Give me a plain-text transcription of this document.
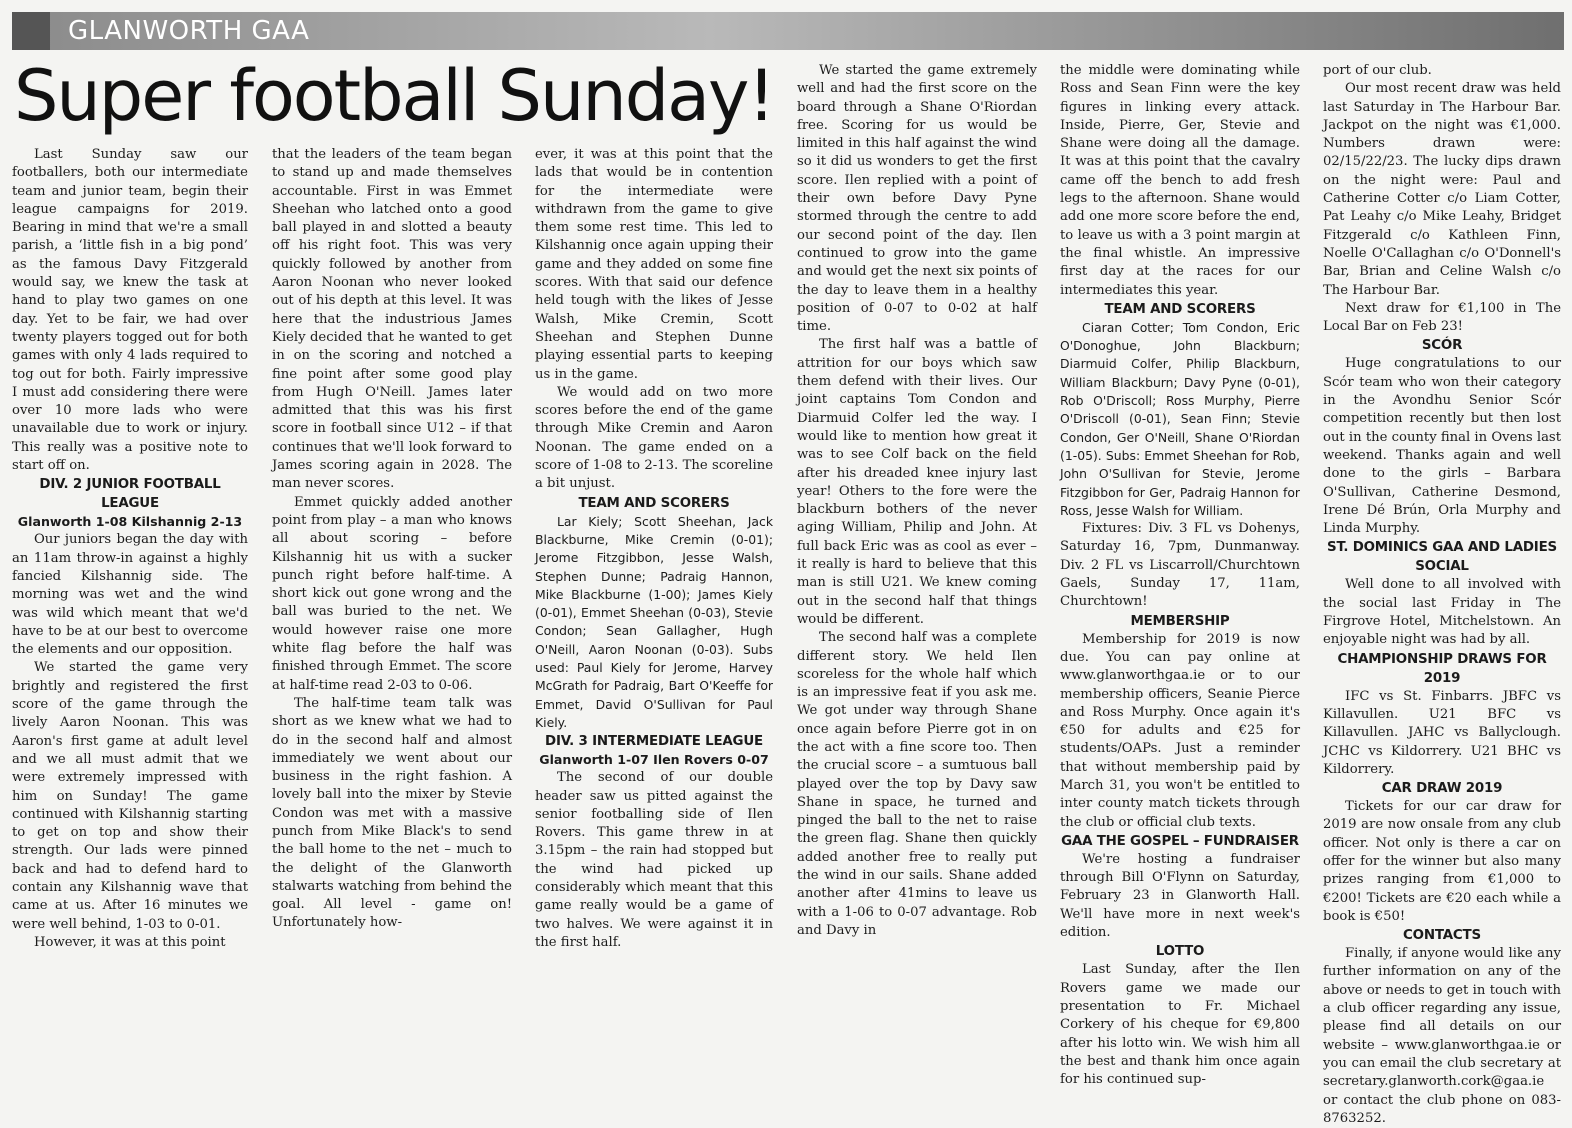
GLANWORTH GAA
Super football Sunday!

Last Sunday saw our footballers, both our intermediate team and junior team, begin their league campaigns for 2019. Bearing in mind that we're a small parish, a ‘little fish in a big pond’ as the famous Davy Fitzgerald would say, we knew the task at hand to play two games on one day. Yet to be fair, we had over twenty players togged out for both games with only 4 lads required to tog out for both. Fairly impressive I must add considering there were over 10 more lads who were unavailable due to work or injury. This really was a positive note to start off on.

DIV. 2 JUNIOR FOOTBALL LEAGUE
Glanworth 1-08 Kilshannig 2-13

Our juniors began the day with an 11am throw-in against a highly fancied Kilshannig side. The morning was wet and the wind was wild which meant that we'd have to be at our best to overcome the elements and our opposition.

We started the game very brightly and registered the first score of the game through the lively Aaron Noonan. This was Aaron's first game at adult level and we all must admit that we were extremely impressed with him on Sunday! The game continued with Kilshannig starting to get on top and show their strength. Our lads were pinned back and had to defend hard to contain any Kilshannig wave that came at us. After 16 minutes we were well behind, 1-03 to 0-01.

However, it was at this point

that the leaders of the team began to stand up and made themselves accountable. First in was Emmet Sheehan who latched onto a good ball played in and slotted a beauty off his right foot. This was very quickly followed by another from Aaron Noonan who never looked out of his depth at this level. It was here that the industrious James Kiely decided that he wanted to get in on the scoring and notched a fine point after some good play from Hugh O'Neill. James later admitted that this was his first score in football since U12 – if that continues that we'll look forward to James scoring again in 2028. The man never scores.

Emmet quickly added another point from play – a man who knows all about scoring – before Kilshannig hit us with a sucker punch right before half-time. A short kick out gone wrong and the ball was buried to the net. We would however raise one more white flag before the half was finished through Emmet. The score at half-time read 2-03 to 0-06.

The half-time team talk was short as we knew what we had to do in the second half and almost immediately we went about our business in the right fashion. A lovely ball into the mixer by Stevie Condon was met with a massive punch from Mike Black's to send the ball home to the net – much to the delight of the Glanworth stalwarts watching from behind the goal. All level - game on! Unfortunately how-

ever, it was at this point that the lads that would be in contention for the intermediate were withdrawn from the game to give them some rest time. This led to Kilshannig once again upping their game and they added on some fine scores. With that said our defence held tough with the likes of Jesse Walsh, Mike Cremin, Scott Sheehan and Stephen Dunne playing essential parts to keeping us in the game.

We would add on two more scores before the end of the game through Mike Cremin and Aaron Noonan. The game ended on a score of 1-08 to 2-13. The scoreline a bit unjust.

TEAM AND SCORERS

Lar Kiely; Scott Sheehan, Jack Blackburne, Mike Cremin (0-01); Jerome Fitzgibbon, Jesse Walsh, Stephen Dunne; Padraig Hannon, Mike Blackburne (1-00); James Kiely (0-01), Emmet Sheehan (0-03), Stevie Condon; Sean Gallagher, Hugh O'Neill, Aaron Noonan (0-03). Subs used: Paul Kiely for Jerome, Harvey McGrath for Padraig, Bart O'Keeffe for Emmet, David O'Sullivan for Paul Kiely.

DIV. 3 INTERMEDIATE LEAGUE
Glanworth 1-07 Ilen Rovers 0-07

The second of our double header saw us pitted against the senior footballing side of Ilen Rovers. This game threw in at 3.15pm – the rain had stopped but the wind had picked up considerably which meant that this game really would be a game of two halves. We were against it in the first half.

We started the game extremely well and had the first score on the board through a Shane O'Riordan free. Scoring for us would be limited in this half against the wind so it did us wonders to get the first score. Ilen replied with a point of their own before Davy Pyne stormed through the centre to add our second point of the day. Ilen continued to grow into the game and would get the next six points of the day to leave them in a healthy position of 0-07 to 0-02 at half time.

The first half was a battle of attrition for our boys which saw them defend with their lives. Our joint captains Tom Condon and Diarmuid Colfer led the way. I would like to mention how great it was to see Colf back on the field after his dreaded knee injury last year! Others to the fore were the blackburn bothers of the never aging William, Philip and John. At full back Eric was as cool as ever – it really is hard to believe that this man is still U21. We knew coming out in the second half that things would be different.

The second half was a complete different story. We held Ilen scoreless for the whole half which is an impressive feat if you ask me. We got under way through Shane once again before Pierre got in on the act with a fine score too. Then the crucial score – a sumtuous ball played over the top by Davy saw Shane in space, he turned and pinged the ball to the net to raise the green flag. Shane then quickly added another free to really put the wind in our sails. Shane added another after 41mins to leave us with a 1-06 to 0-07 advantage. Rob and Davy in

the middle were dominating while Ross and Sean Finn were the key figures in linking every attack. Inside, Pierre, Ger, Stevie and Shane were doing all the damage. It was at this point that the cavalry came off the bench to add fresh legs to the afternoon. Shane would add one more score before the end, to leave us with a 3 point margin at the final whistle. An impressive first day at the races for our intermediates this year.

TEAM AND SCORERS

Ciaran Cotter; Tom Condon, Eric O'Donoghue, John Blackburn; Diarmuid Colfer, Philip Blackburn, William Blackburn; Davy Pyne (0-01), Rob O'Driscoll; Ross Murphy, Pierre O'Driscoll (0-01), Sean Finn; Stevie Condon, Ger O'Neill, Shane O'Riordan (1-05). Subs: Emmet Sheehan for Rob, John O'Sullivan for Stevie, Jerome Fitzgibbon for Ger, Padraig Hannon for Ross, Jesse Walsh for William.

Fixtures: Div. 3 FL vs Dohenys, Saturday 16, 7pm, Dunmanway. Div. 2 FL vs Liscarroll/Churchtown Gaels, Sunday 17, 11am, Churchtown!

MEMBERSHIP

Membership for 2019 is now due. You can pay online at www.glanworthgaa.ie or to our membership officers, Seanie Pierce and Ross Murphy. Once again it's €50 for adults and €25 for students/OAPs. Just a reminder that without membership paid by March 31, you won't be entitled to inter county match tickets through the club or official club texts.

GAA THE GOSPEL – FUNDRAISER

We're hosting a fundraiser through Bill O'Flynn on Saturday, February 23 in Glanworth Hall. We'll have more in next week's edition.

LOTTO

Last Sunday, after the Ilen Rovers game we made our presentation to Fr. Michael Corkery of his cheque for €9,800 after his lotto win. We wish him all the best and thank him once again for his continued sup-

port of our club.

Our most recent draw was held last Saturday in The Harbour Bar. Jackpot on the night was €1,000. Numbers drawn were: 02/15/22/23. The lucky dips drawn on the night were: Paul and Catherine Cotter c/o Liam Cotter, Pat Leahy c/o Mike Leahy, Bridget Fitzgerald c/o Kathleen Finn, Noelle O'Callaghan c/o O'Donnell's Bar, Brian and Celine Walsh c/o The Harbour Bar.

Next draw for €1,100 in The Local Bar on Feb 23!

SCÓR

Huge congratulations to our Scór team who won their category in the Avondhu Senior Scór competition recently but then lost out in the county final in Ovens last weekend. Thanks again and well done to the girls – Barbara O'Sullivan, Catherine Desmond, Irene Dé Brún, Orla Murphy and Linda Murphy.

ST. DOMINICS GAA AND LADIES SOCIAL

Well done to all involved with the social last Friday in The Firgrove Hotel, Mitchelstown. An enjoyable night was had by all.

CHAMPIONSHIP DRAWS FOR 2019

IFC vs St. Finbarrs. JBFC vs Killavullen. U21 BFC vs Killavullen. JAHC vs Ballyclough. JCHC vs Kildorrery. U21 BHC vs Kildorrery.

CAR DRAW 2019

Tickets for our car draw for 2019 are now onsale from any club officer. Not only is there a car on offer for the winner but also many prizes ranging from €1,000 to €200! Tickets are €20 each while a book is €50!

CONTACTS

Finally, if anyone would like any further information on any of the above or needs to get in touch with a club officer regarding any issue, please find all details on our website – www.glanworthgaa.ie or you can email the club secretary at secretary.glanworth.cork@gaa.ie or contact the club phone on 083-8763252.
